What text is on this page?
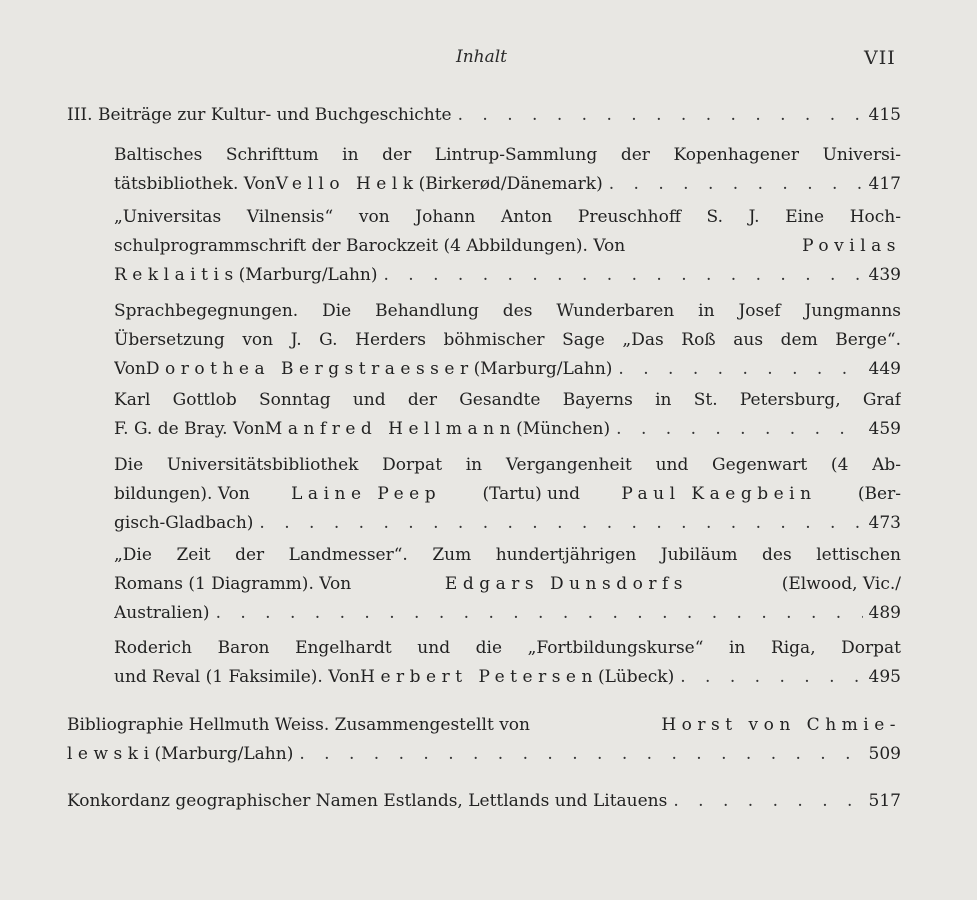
Inhalt	VII
III. Beiträge zur Kultur- und Buchgeschichte . . .	415
Baltisches Schrifttum in der Lintrup-Sammlung der Kopenhagener Universi-
tätsbibliothek. Von Vello Helk (Birkerød/Dänemark) . . .	417
„Universitas Vilnensis“ von Johann Anton Preuschhoff S. J. Eine Hoch-
schulprogrammschrift der Barockzeit (4 Abbildungen). Von	Povilas
Reklaitis (Marburg/Lahn) . . .	439
Sprachbegegnungen. Die Behandlung des Wunderbaren in Josef Jungmanns
Übersetzung von J. G. Herders böhmischer Sage „Das Roß aus dem Berge“.
Von Dorothea Bergstraesser (Marburg/Lahn) . . .	449
Karl Gottlob Sonntag und der Gesandte Bayerns in St. Petersburg, Graf
F. G. de Bray. Von Manfred Hellmann (München) . . .	459
Die Universitätsbibliothek Dorpat in Vergangenheit und Gegenwart (4 Ab-
bildungen). Von Laine Peep (Tartu) und Paul Kaegbein (Ber-
gisch-Gladbach) . . .	473
„Die Zeit der Landmesser“. Zum hundertjährigen Jubiläum des lettischen
Romans (1 Diagramm). Von	Edgars Dunsdorfs	(Elwood, Vic./
Australien) . . .	489
Roderich Baron Engelhardt und die „Fortbildungskurse“ in Riga, Dorpat
und Reval (1 Faksimile). Von Herbert Petersen (Lübeck) . . .	495
Bibliographie Hellmuth Weiss. Zusammengestellt von	Horst von Chmie-
lewski (Marburg/Lahn) . . .	509
Konkordanz geographischer Namen Estlands, Lettlands und Litauens . . .	517
